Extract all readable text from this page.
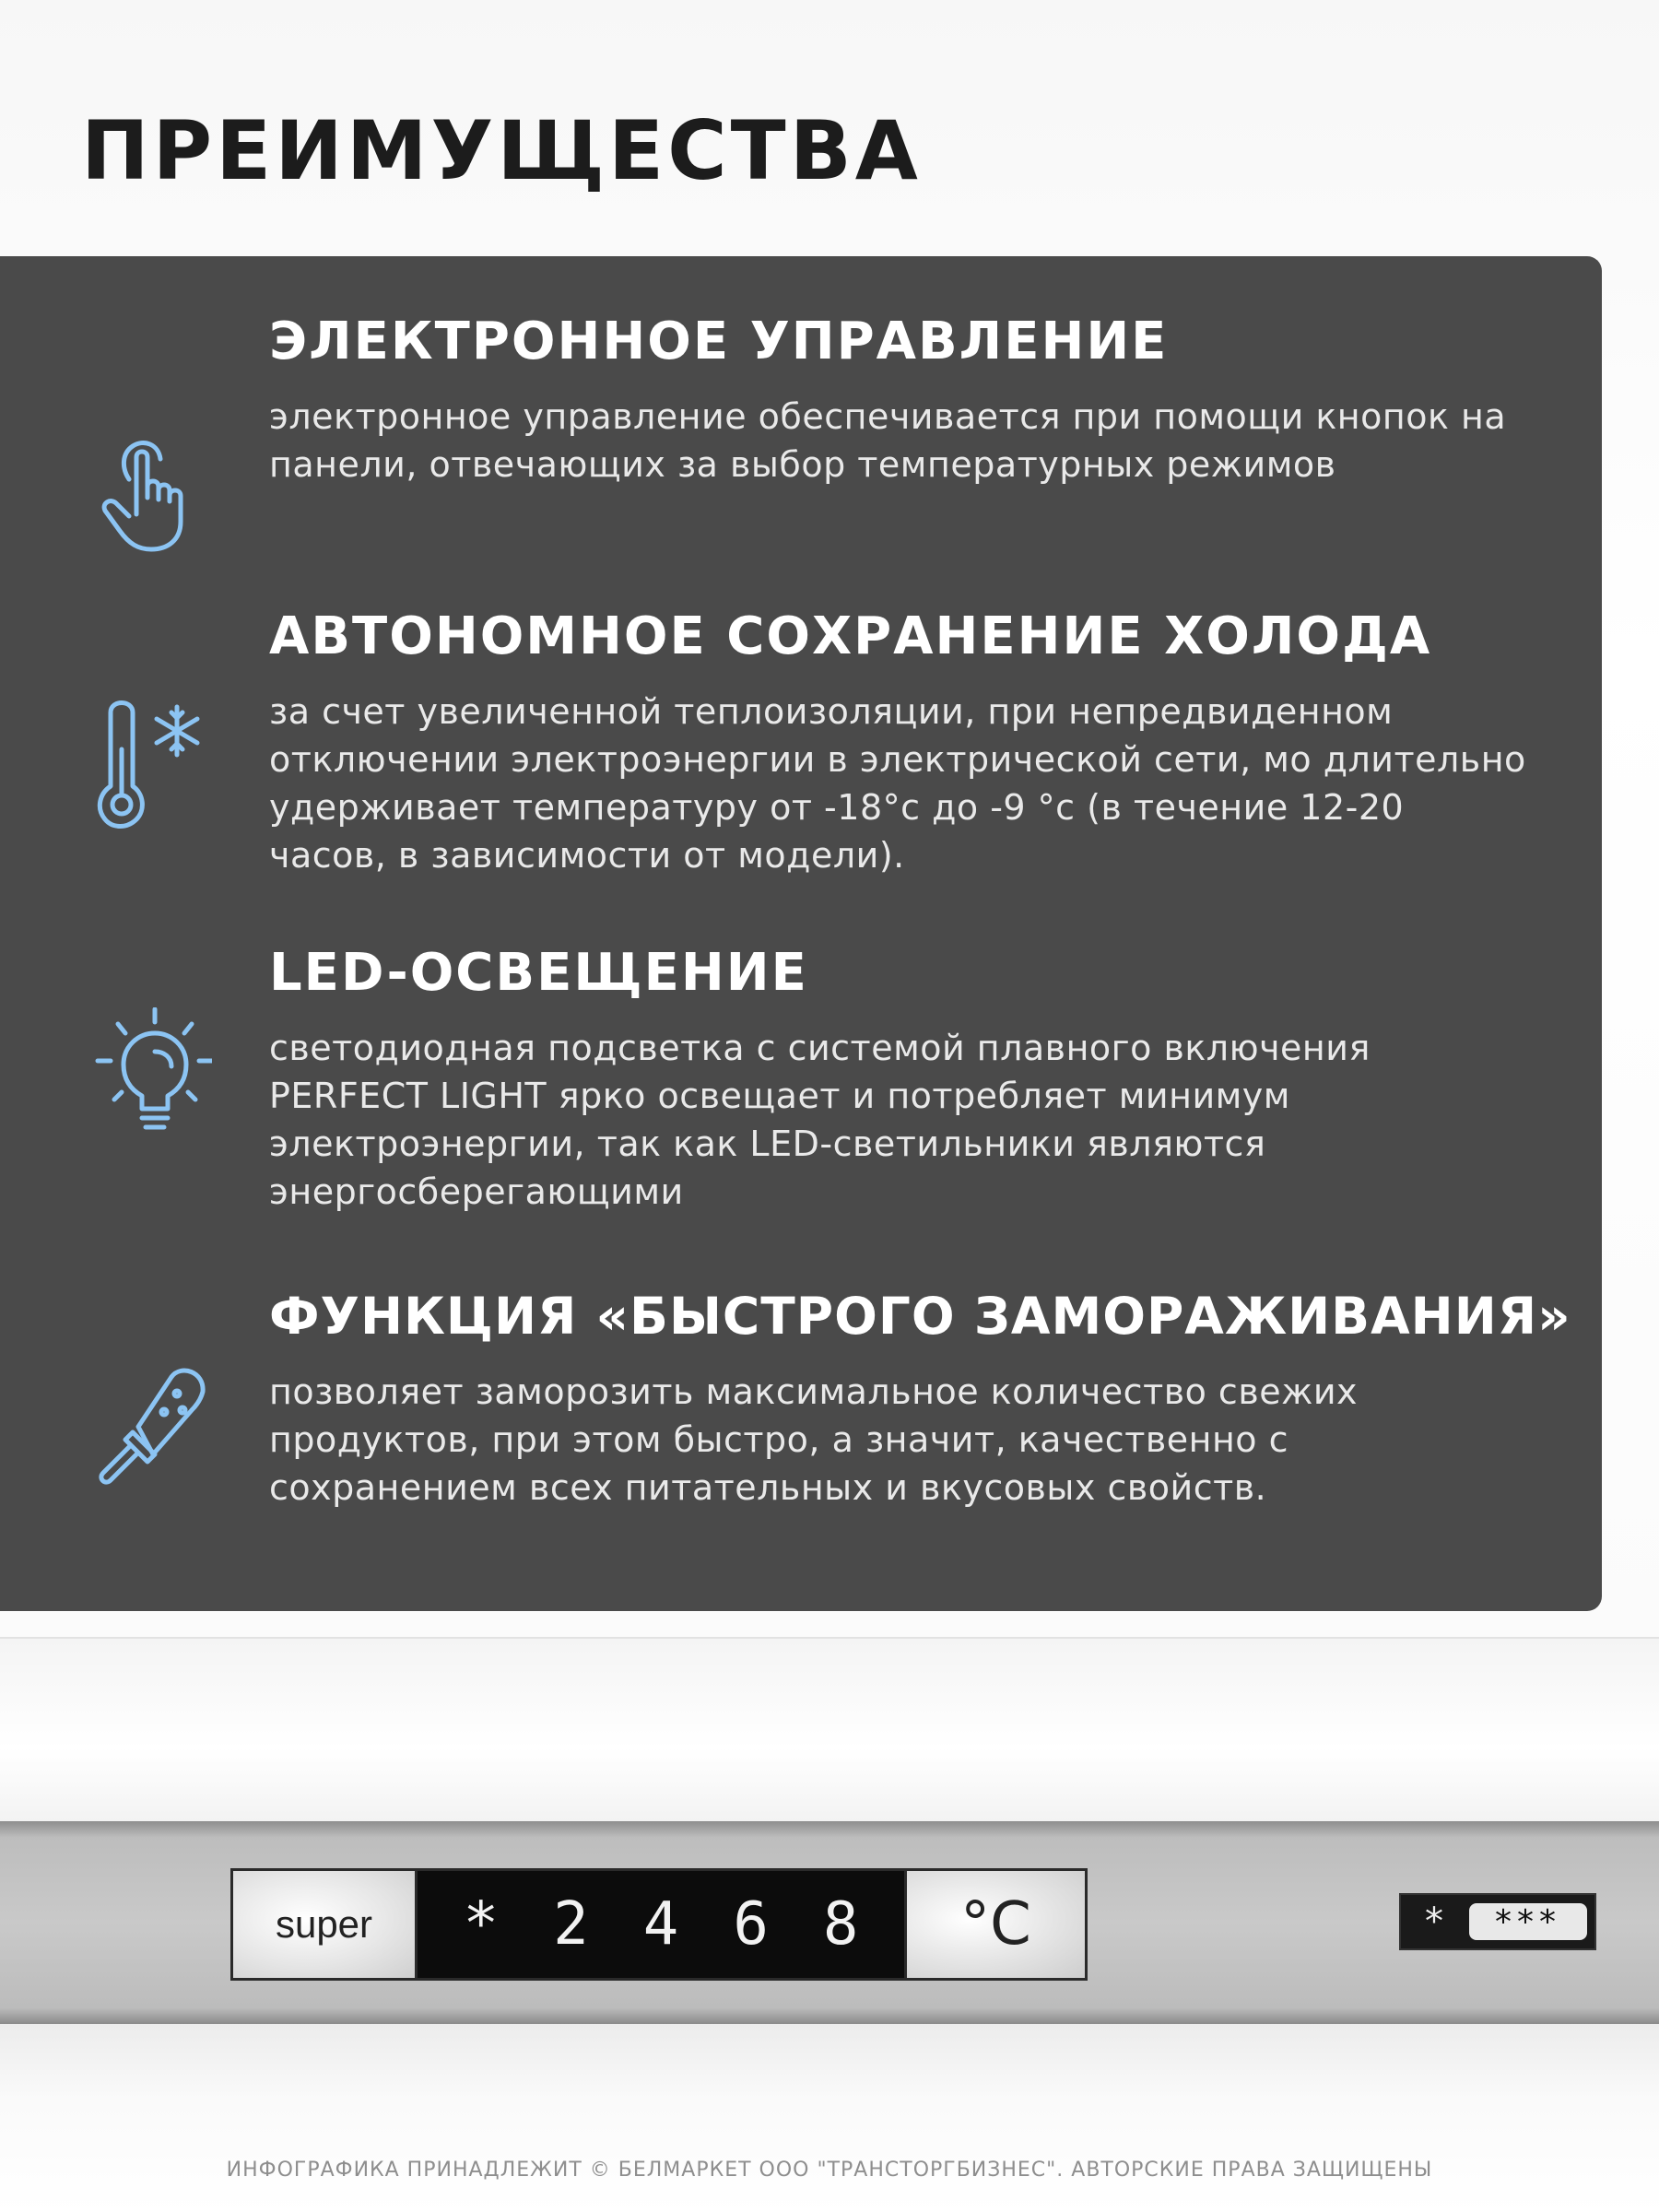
ПРЕИМУЩЕСТВА
ЭЛЕКТРОННОЕ УПРАВЛЕНИЕ

электронное управление обеспечивается при помощи кнопок на панели, отвечающих за выбор температурных режимов

АВТОНОМНОЕ СОХРАНЕНИЕ ХОЛОДА

за счет увеличенной теплоизоляции, при непредвиденном отключении электроэнергии в электрической сети, мо длительно удерживает температуру от -18°с до -9 °с (в течение 12-20 часов, в зависимости от модели).

LED-ОСВЕЩЕНИЕ

светодиодная подсветка с системой плавного включения PERFECT LIGHT ярко освещает и потребляет минимум электроэнергии, так как LED-светильники являются энергосберегающими

ФУНКЦИЯ «БЫСТРОГО ЗАМОРАЖИВАНИЯ»

позволяет заморозить максимальное количество свежих продуктов, при этом быстро, а значит, качественно с сохранением всех питательных и вкусовых свойств.

super	* 2 4 6 8	°C	*	***
ИНФОГРАФИКА ПРИНАДЛЕЖИТ © БЕЛМАРКЕТ ООО "ТРАНСТОРГБИЗНЕС". АВТОРСКИЕ ПРАВА ЗАЩИЩЕНЫ
